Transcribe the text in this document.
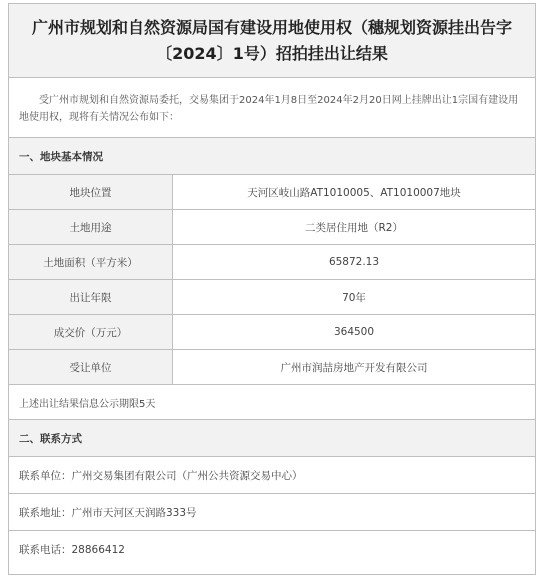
广州市规划和自然资源局国有建设用地使用权（穗规划资源挂出告字〔2024〕1号）招拍挂出让结果
受广州市规划和自然资源局委托，交易集团于2024年1月8日至2024年2月20日网上挂牌出让1宗国有建设用地使用权，现将有关情况公布如下：
一、地块基本情况
地块位置	天河区岐山路AT1010005、AT1010007地块
土地用途	二类居住用地（R2）
土地面积（平方米）	65872.13
出让年限	70年
成交价（万元）	364500
受让单位	广州市润喆房地产开发有限公司
上述出让结果信息公示期限5天
二、联系方式
联系单位：广州交易集团有限公司（广州公共资源交易中心）
联系地址：广州市天河区天润路333号
联系电话：28866412
